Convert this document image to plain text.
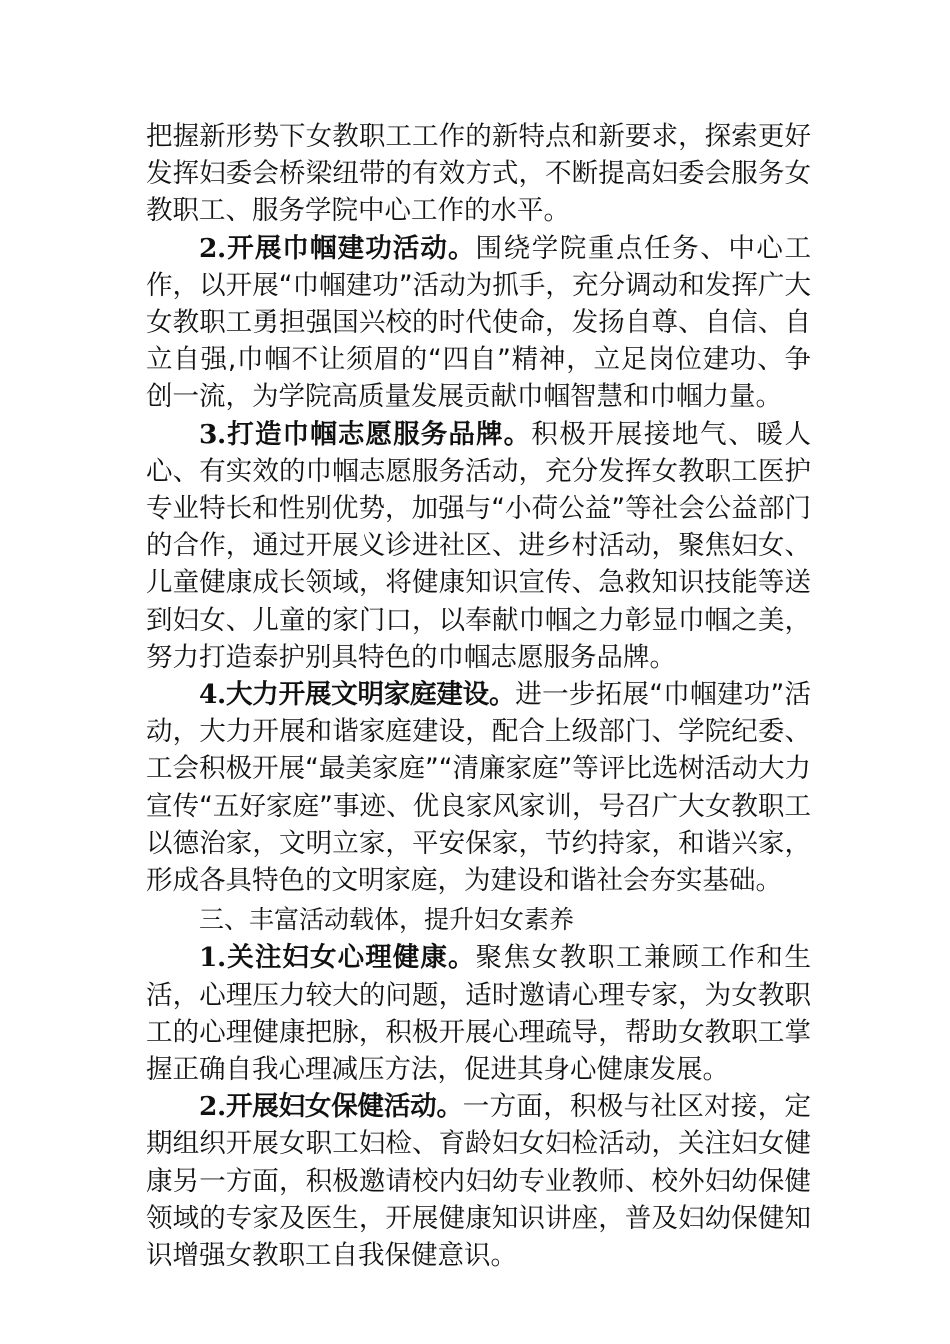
把握新形势下女教职工工作的新特点和新要求，探索更好发挥妇委会桥梁纽带的有效方式，不断提高妇委会服务女教职工、服务学院中心工作的水平。

2.开展巾帼建功活动。围绕学院重点任务、中心工作，以开展“巾帼建功”活动为抓手，充分调动和发挥广大女教职工勇担强国兴校的时代使命，发扬自尊、自信、自立自强,巾帼不让须眉的“四自”精神，立足岗位建功、争创一流，为学院高质量发展贡献巾帼智慧和巾帼力量。

3.打造巾帼志愿服务品牌。积极开展接地气、暖人心、有实效的巾帼志愿服务活动，充分发挥女教职工医护专业特长和性别优势，加强与“小荷公益”等社会公益部门的合作，通过开展义诊进社区、进乡村活动，聚焦妇女、儿童健康成长领域，将健康知识宣传、急救知识技能等送到妇女、儿童的家门口，以奉献巾帼之力彰显巾帼之美，努力打造泰护别具特色的巾帼志愿服务品牌。

4.大力开展文明家庭建设。进一步拓展“巾帼建功”活动，大力开展和谐家庭建设，配合上级部门、学院纪委、工会积极开展“最美家庭”“清廉家庭”等评比选树活动大力宣传“五好家庭”事迹、优良家风家训，号召广大女教职工以德治家，文明立家，平安保家，节约持家，和谐兴家，形成各具特色的文明家庭，为建设和谐社会夯实基础。

三、丰富活动载体，提升妇女素养

1.关注妇女心理健康。聚焦女教职工兼顾工作和生活，心理压力较大的问题，适时邀请心理专家，为女教职工的心理健康把脉，积极开展心理疏导，帮助女教职工掌握正确自我心理减压方法，促进其身心健康发展。

2.开展妇女保健活动。一方面，积极与社区对接，定期组织开展女职工妇检、育龄妇女妇检活动，关注妇女健康另一方面，积极邀请校内妇幼专业教师、校外妇幼保健领域的专家及医生，开展健康知识讲座，普及妇幼保健知识增强女教职工自我保健意识。
